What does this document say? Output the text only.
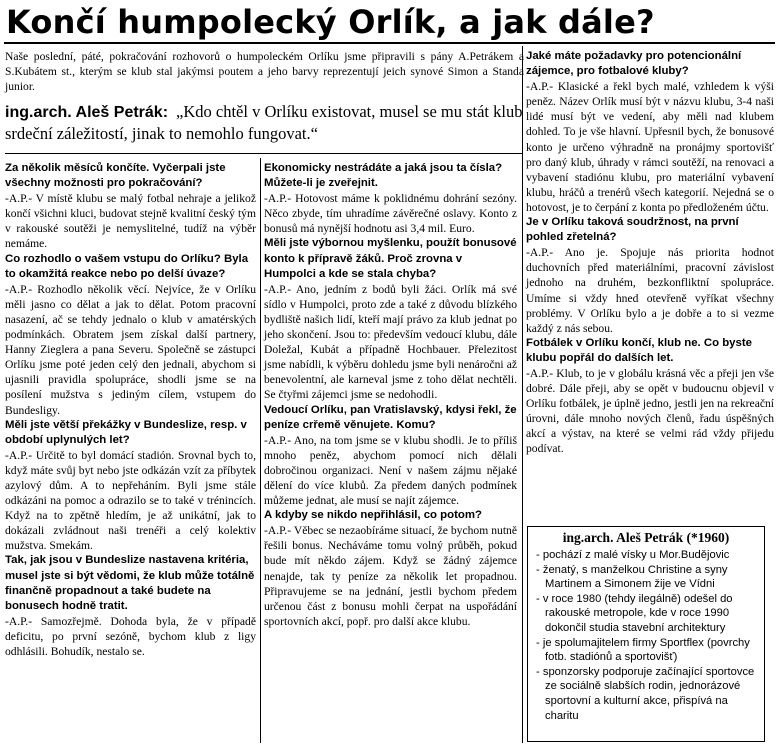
Končí humpolecký Orlík, a jak dále?
Naše poslední, páté, pokračování rozhovorů o humpoleckém Orlíku jsme připravili s pány A.Petrákem a S.Kubátem st., kterým se klub stal jakýmsi poutem a jeho barvy reprezentují jeich synové Simon a Standa junior.
ing.arch. Aleš Petrák: „Kdo chtěl v Orlíku existovat, musel se mu stát klub srdeční záležitostí, jinak to nemohlo fungovat.“

Za několik měsíců končíte. Vyčerpali jste všechny možnosti pro pokračování?

-A.P.- V místě klubu se malý fotbal nehraje a jelikož končí všichni kluci, budovat stejně kvalitní český tým v rakouské soutěži je nemyslitelné, tudíž na výběr nemáme.

Co rozhodlo o vašem vstupu do Orlíku? Byla to okamžitá reakce nebo po delší úvaze?

-A.P.- Rozhodlo několik věcí. Nejvíce, že v Orlíku měli jasno co dělat a jak to dělat. Potom pracovní nasazení, ač se tehdy jednalo o klub v amatérských podmínkách. Obratem jsem získal další partnery, Hanny Zieglera a pana Severu. Společně se zástupci Orlíku jsme poté jeden celý den jednali, abychom si ujasnili pravidla spolupráce, shodli jsme se na posílení mužstva s jediným cílem, vstupem do Bundesligy.

Měli jste větší překážky v Bundeslize, resp. v období uplynulých let?

-A.P.- Určitě to byl domácí stadión. Srovnal bych to, když máte svůj byt nebo jste odkázán vzít za příbytek azylový dům. A to nepřeháním. Byli jsme stále odkázáni na pomoc a odrazilo se to také v trénincích. Když na to zpětně hledím, je až unikátní, jak to dokázali zvládnout naši trenéři a celý kolektiv mužstva. Smekám.

Tak, jak jsou v Bundeslize nastavena kritéria, musel jste si být vědomi, že klub může totálně finančně propadnout a také budete na bonusech hodně tratit.

-A.P.- Samozřejmě. Dohoda byla, že v případě deficitu, po první sezóně, bychom klub z ligy odhlásili. Bohudík, nestalo se.

Ekonomicky nestrádáte a jaká jsou ta čísla? Můžete-li je zveřejnit.

-A.P.- Hotovost máme k poklidnému dohrání sezóny. Něco zbyde, tím uhradíme závěrečné oslavy. Konto z bonusů má nynější hodnotu asi 3,4 mil. Euro.

Měli jste výbornou myšlenku, použít bonusové konto k přípravě žáků. Proč zrovna v Humpolci a kde se stala chyba?

-A.P.- Ano, jedním z bodů byli žáci. Orlík má své sídlo v Humpolci, proto zde a také z důvodu blízkého bydliště našich lidí, kteří mají právo za klub jednat po jeho skončení. Jsou to: především vedoucí klubu, dále Doležal, Kubát a případně Hochbauer. Přelezitost jsme nabídli, k výběru dohledu jsme byli nenáročni až benevolentní, ale karneval jsme z toho dělat nechtěli. Se čtyřmi zájemci jsme se nedohodli.

Vedoucí Orlíku, pan Vratislavský, kdysi řekl, že peníze crřemě věnujete. Komu?

-A.P.- Ano, na tom jsme se v klubu shodli. Je to příliš mnoho peněz, abychom pomocí nich dělali dobročinou organizaci. Není v našem zájmu nějaké dělení do více klubů. Za předem daných podmínek můžeme jednat, ale musí se najít zájemce.

A kdyby se nikdo nepřihlásil, co potom?

-A.P.- Věbec se nezaobíráme situací, že bychom nutně řešili bonus. Necháváme tomu volný průběh, pokud bude mít někdo zájem. Když se žádný zájemce nenajde, tak ty peníze za několik let propadnou. Připravujeme se na jednání, jestli bychom předem určenou část z bonusu mohli čerpat na uspořádání sportovních akcí, popř. pro další akce klubu.

Jaké máte požadavky pro potencionální zájemce, pro fotbalové kluby?

-A.P.- Klasické a řekl bych malé, vzhledem k výši peněz. Název Orlík musí být v názvu klubu, 3-4 naši lidé musí být ve vedení, aby měli nad klubem dohled. To je vše hlavní. Upřesnil bych, že bonusové konto je určeno výhradně na pronájmy sportovišť pro daný klub, úhrady v rámci soutěží, na renovaci a vybavení stadiónu klubu, pro materiální vybavení klubu, hráčů a trenérů všech kategorií. Nejedná se o hotovost, je to čerpání z konta po předloženém účtu.

Je v Orlíku taková soudržnost, na první pohled zřetelná?

-A.P.- Ano je. Spojuje nás priorita hodnot duchovních před materiálními, pracovní závislost jednoho na druhém, bezkonfliktní spolupráce. Umíme si vždy hned otevřeně vyříkat všechny problémy. V Orlíku bylo a je dobře a to si vezme každý z nás sebou.

Fotbálek v Orlíku končí, klub ne. Co byste klubu popřál do dalších let.

-A.P.- Klub, to je v globálu krásná věc a přeji jen vše dobré. Dále přeji, aby se opět v budoucnu objevil v Orlíku fotbálek, je úplně jedno, jestli jen na rekreační úrovni, dále mnoho nových členů, řadu úspěšných akcí a výstav, na které se velmi rád vždy přijedu podívat.

ing.arch. Aleš Petrák (*1960)
- pochází z malé vísky u Mor.Budějovic
- ženatý, s manželkou Christine a syny Martinem a Simonem žije ve Vídni
- v roce 1980 (tehdy ilegálně) odešel do rakouské metropole, kde v roce 1990 dokončil studia stavební architektury
- je spolumajitelem firmy Sportflex (povrchy fotb. stadiónů a sportovišť)
- sponzorsky podporuje začínající sportovce ze sociálně slabších rodin, jednorázové sportovní a kulturní akce, přispívá na charitu
